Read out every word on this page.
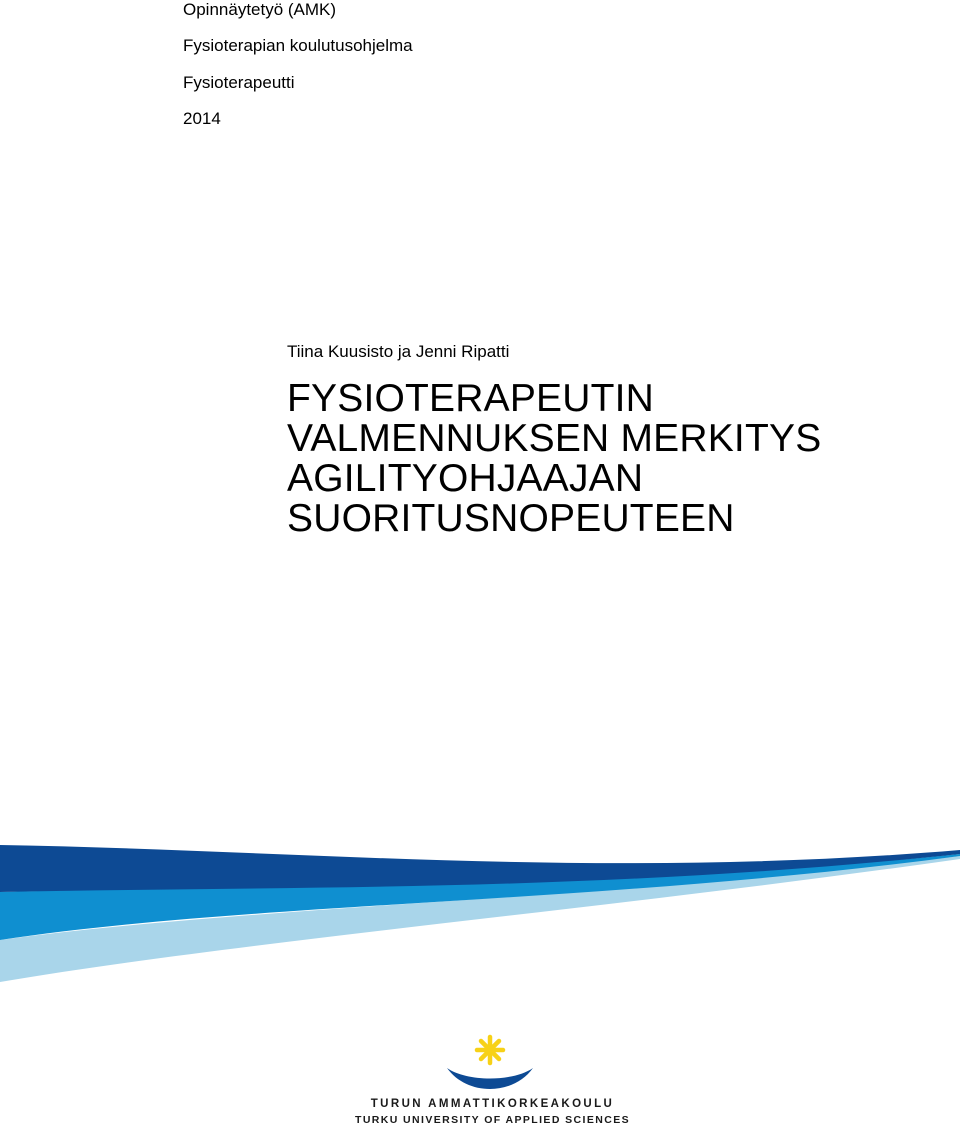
Opinnäytetyö (AMK)
Fysioterapian koulutusohjelma
Fysioterapeutti
2014
Tiina Kuusisto ja Jenni Ripatti
FYSIOTERAPEUTIN
VALMENNUKSEN MERKITYS
AGILITYOHJAAJAN
SUORITUSNOPEUTEEN
TURUN AMMATTIKORKEAKOULU
TURKU UNIVERSITY OF APPLIED SCIENCES
